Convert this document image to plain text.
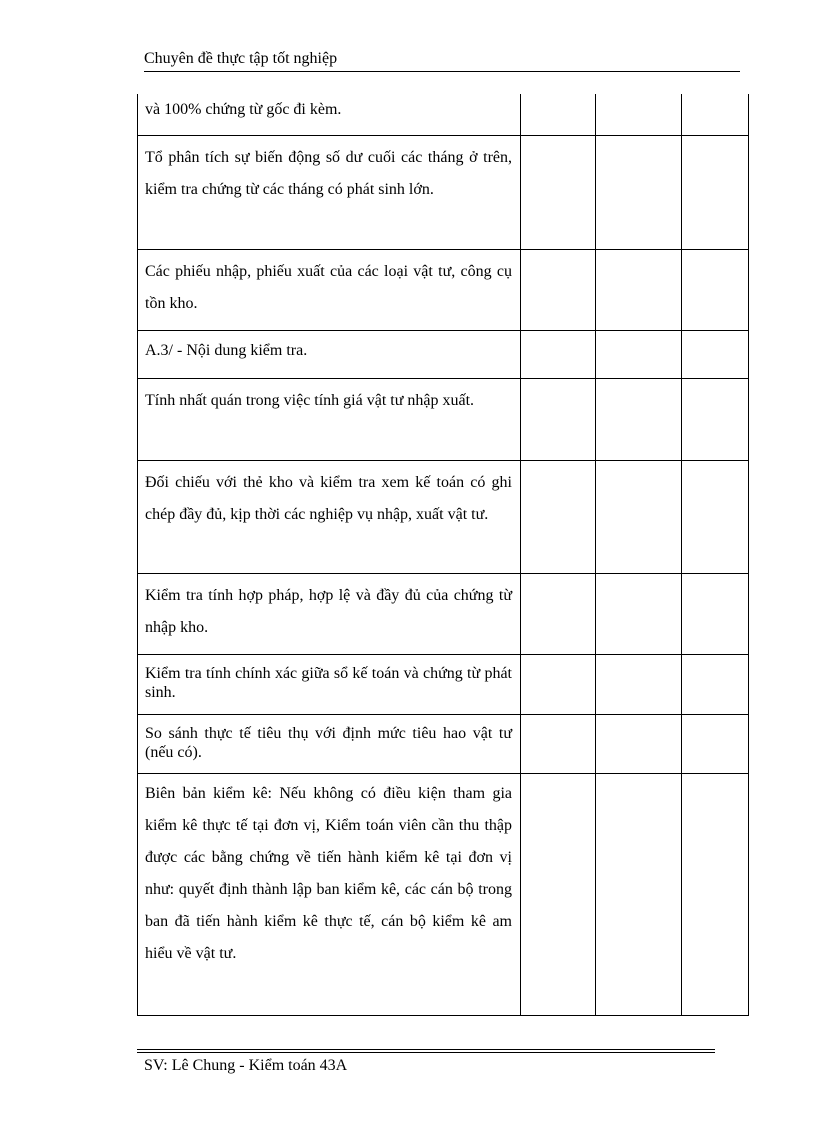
Chuyên đề thực tập tốt nghiệp
và 100% chứng từ gốc đi kèm.			

Tổ phân tích sự biến động số dư cuối các tháng ở trên, kiểm tra chứng từ các tháng có phát sinh lớn.			

Các phiếu nhập, phiếu xuất của các loại vật tư, công cụ tồn kho.			

A.3/ - Nội dung kiểm tra.			

Tính nhất quán trong việc tính giá vật tư nhập xuất.			

Đối chiếu với thẻ kho và kiểm tra xem kế toán có ghi chép đầy đủ, kịp thời các nghiệp vụ nhập, xuất vật tư.			

Kiểm tra tính hợp pháp, hợp lệ và đầy đủ của chứng từ nhập kho.			

Kiểm tra tính chính xác giữa sổ kế toán và chứng từ phát sinh.			

So sánh thực tế tiêu thụ với định mức tiêu hao vật tư (nếu có).			

Biên bản kiểm kê: Nếu không có điều kiện tham gia kiểm kê thực tế tại đơn vị, Kiểm toán viên cần thu thập được các bằng chứng về tiến hành kiểm kê tại đơn vị như: quyết định thành lập ban kiểm kê, các cán bộ trong ban đã tiến hành kiểm kê thực tế, cán bộ kiểm kê am hiểu về vật tư.			

SV: Lê Chung - Kiểm toán 43A
